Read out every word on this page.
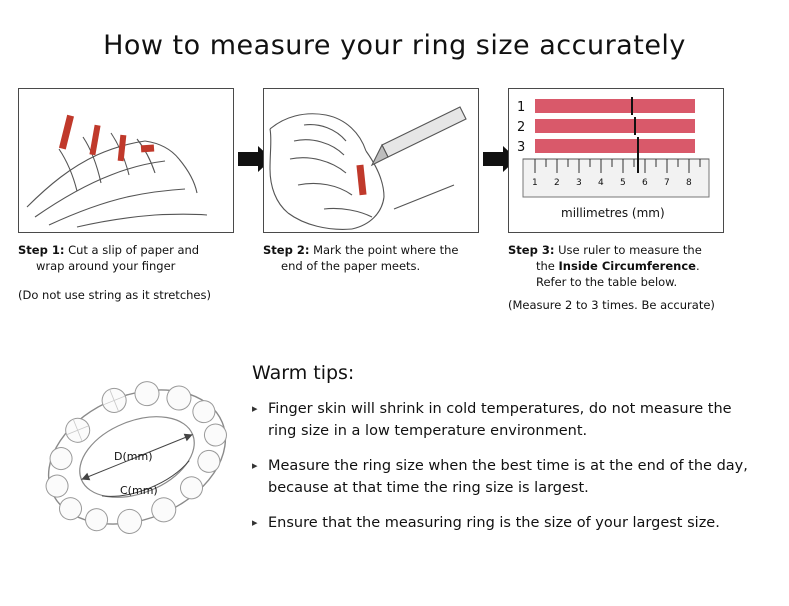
How to measure your ring size accurately
Step 1: Cut a slip of paper and
wrap around your finger
(Do not use string as it stretches)
Step 2: Mark the point where the
end of the paper meets.
1
2
3
1 2 3 4 5 6 7 8
millimetres (mm)
Step 3: Use ruler to measure the
the Inside Circumference.
Refer to the table below.
(Measure 2 to 3 times. Be accurate)
D(mm)
C(mm)
Warm tips:
▸ Finger skin will shrink in cold temperatures, do not measure the ring size in a low temperature environment.
▸ Measure the ring size when the best time is at the end of the day, because at that time the ring size is largest.
▸ Ensure that the measuring ring is the size of your largest size.
